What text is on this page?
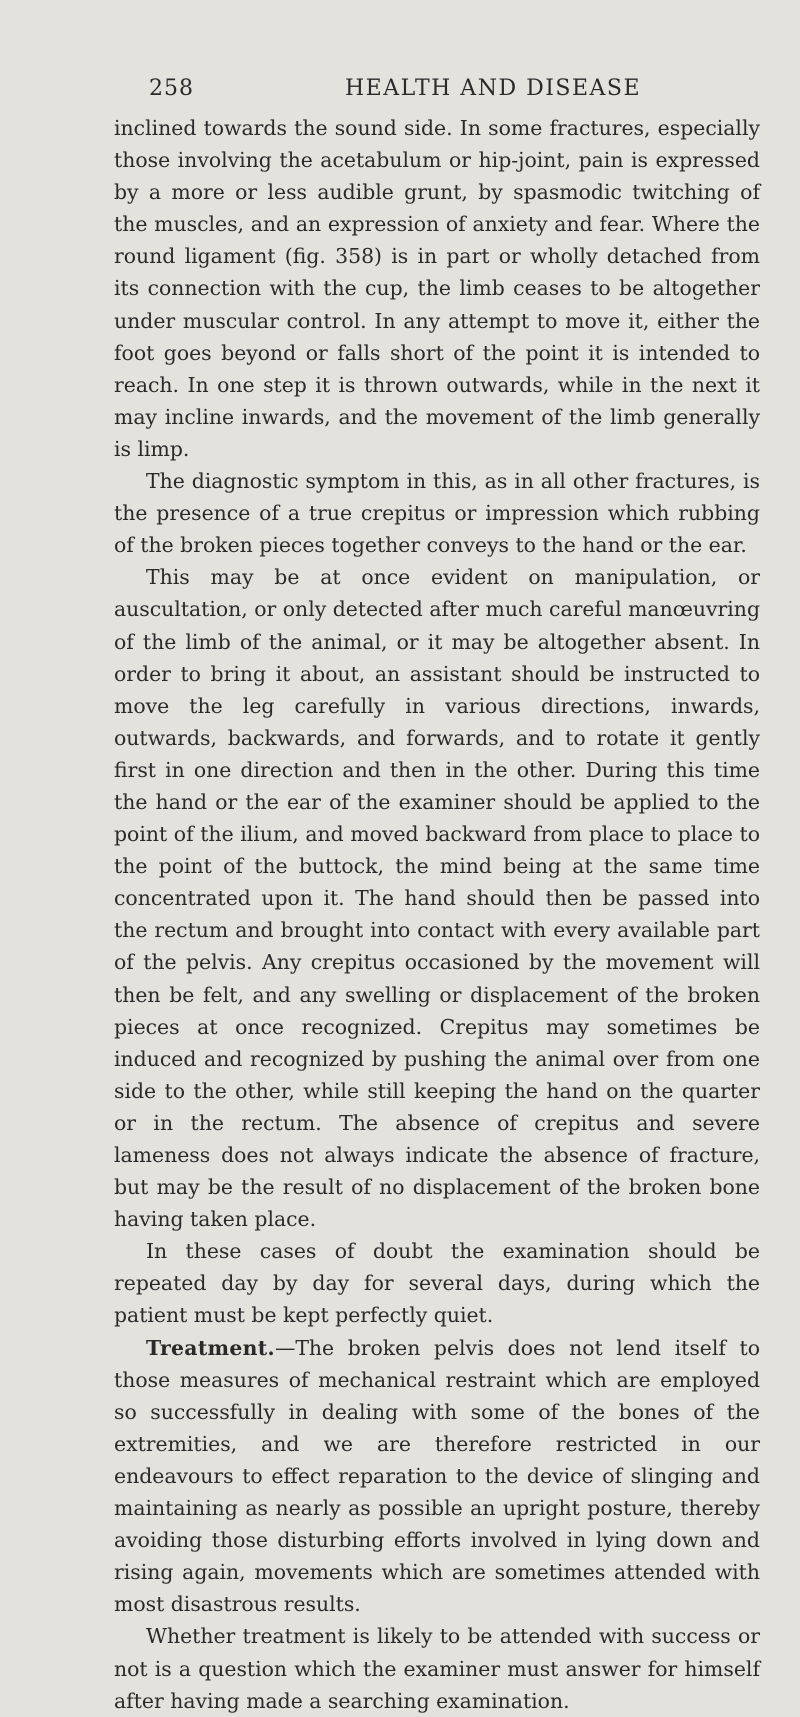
258	HEALTH AND DISEASE

inclined towards the sound side. In some fractures, especially those involving the acetabulum or hip-joint, pain is expressed by a more or less audible grunt, by spasmodic twitching of the muscles, and an expression of anxiety and fear. Where the round ligament (fig. 358) is in part or wholly detached from its connection with the cup, the limb ceases to be altogether under muscular control. In any attempt to move it, either the foot goes beyond or falls short of the point it is intended to reach. In one step it is thrown outwards, while in the next it may incline inwards, and the movement of the limb generally is limp.

The diagnostic symptom in this, as in all other fractures, is the presence of a true crepitus or impression which rubbing of the broken pieces together conveys to the hand or the ear.

This may be at once evident on manipulation, or auscultation, or only detected after much careful manœuvring of the limb of the animal, or it may be altogether absent. In order to bring it about, an assistant should be instructed to move the leg carefully in various directions, inwards, outwards, backwards, and forwards, and to rotate it gently first in one direction and then in the other. During this time the hand or the ear of the examiner should be applied to the point of the ilium, and moved backward from place to place to the point of the buttock, the mind being at the same time concentrated upon it. The hand should then be passed into the rectum and brought into contact with every available part of the pelvis. Any crepitus occasioned by the movement will then be felt, and any swelling or displacement of the broken pieces at once recognized. Crepitus may sometimes be induced and recognized by pushing the animal over from one side to the other, while still keeping the hand on the quarter or in the rectum. The absence of crepitus and severe lameness does not always indicate the absence of fracture, but may be the result of no displacement of the broken bone having taken place.

In these cases of doubt the examination should be repeated day by day for several days, during which the patient must be kept perfectly quiet.

Treatment.—The broken pelvis does not lend itself to those measures of mechanical restraint which are employed so successfully in dealing with some of the bones of the extremities, and we are therefore restricted in our endeavours to effect reparation to the device of slinging and maintaining as nearly as possible an upright posture, thereby avoiding those disturbing efforts involved in lying down and rising again, movements which are sometimes attended with most disastrous results.

Whether treatment is likely to be attended with success or not is a question which the examiner must answer for himself after having made a searching examination.
